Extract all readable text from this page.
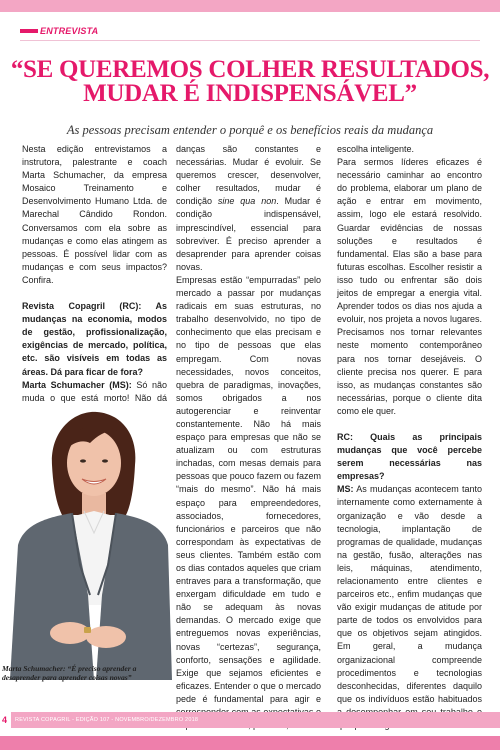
ENTREVISTA
“SE QUEREMOS COLHER RESULTADOS,
MUDAR É INDISPENSÁVEL”
As pessoas precisam entender o porquê e os benefícios reais da mudança

Nesta edição entrevistamos a instrutora, palestrante e coach Marta Schumacher, da empresa Mosaico Treinamento e Desenvolvimento Humano Ltda. de Marechal Cândido Rondon. Conversamos com ela sobre as mudanças e como elas atingem as pessoas. É possível lidar com as mudanças e com seus impactos? Confira.

Revista Copagril (RC): As mudanças na economia, modos de gestão, profissionalização, exigências de mercado, política, etc. são visíveis em todas as áreas. Dá para ficar de fora?

Marta Schumacher (MS): Só não muda o que está morto! Não dá

Marta Schumacher: “É preciso aprender a desaprender para aprender coisas novas”

danças são constantes e necessárias. Mudar é evoluir. Se queremos crescer, desenvolver, colher resultados, mudar é condição sine qua non. Mudar é condição indispensável, imprescindível, essencial para sobreviver. É preciso aprender a desaprender para aprender coisas novas.

Empresas estão “empurradas” pelo mercado a passar por mudanças radicais em suas estruturas, no trabalho desenvolvido, no tipo de conhecimento que elas precisam e no tipo de pessoas que elas empregam. Com novas necessidades, novos conceitos, quebra de paradigmas, inovações, somos obrigados a nos autogerenciar e reinventar constantemente. Não há mais espaço para empresas que não se atualizam ou com estruturas inchadas, com mesas demais para pessoas que pouco fazem ou fazem “mais do mesmo”. Não há mais espaço para empreendedores, associados, fornecedores, funcionários e parceiros que não correspondam às expectativas de seus clientes. Também estão com os dias contados aqueles que criam entraves para a transformação, que enxergam dificuldade em tudo e não se adequam às novas demandas. O mercado exige que entreguemos novas experiências, novas “certezas”, segurança, conforto, sensações e agilidade. Exige que sejamos eficientes e eficazes. Entender o que o mercado pede é fundamental para agir e

escolha inteligente.

Para sermos líderes eficazes é necessário caminhar ao encontro do problema, elaborar um plano de ação e entrar em movimento, assim, logo ele estará resolvido. Guardar evidências de nossas soluções e resultados é fundamental. Elas são a base para futuras escolhas. Escolher resistir a isso tudo ou enfrentar são dois jeitos de empregar a energia vital. Aprender todos os dias nos ajuda a evoluir, nos projeta a novos lugares. Precisamos nos tornar relevantes neste momento contemporâneo para nos tornar desejáveis. O cliente precisa nos querer. E para isso, as mudanças constantes são necessárias, porque o cliente dita como ele quer.

RC: Quais as principais mudanças que você percebe serem necessárias nas empresas?

MS: As mudanças acontecem tanto internamente como externamente à organização e vão desde a tecnologia, implantação de programas de qualidade, mudanças na gestão, fusão, alterações nas leis, máquinas, atendimento, relacionamento entre clientes e parceiros etc., enfim mudanças que vão exigir mudanças de atitude por parte de todos os envolvidos para que os objetivos sejam atingidos. Em geral, a mudança organizacional compreende procedimentos e tecnologias desconhecidas, diferentes daquilo que os indivíduos estão habituados

4	REVISTA COPAGRIL - EDIÇÃO 107 - NOVEMBRO/DEZEMBRO 2018
